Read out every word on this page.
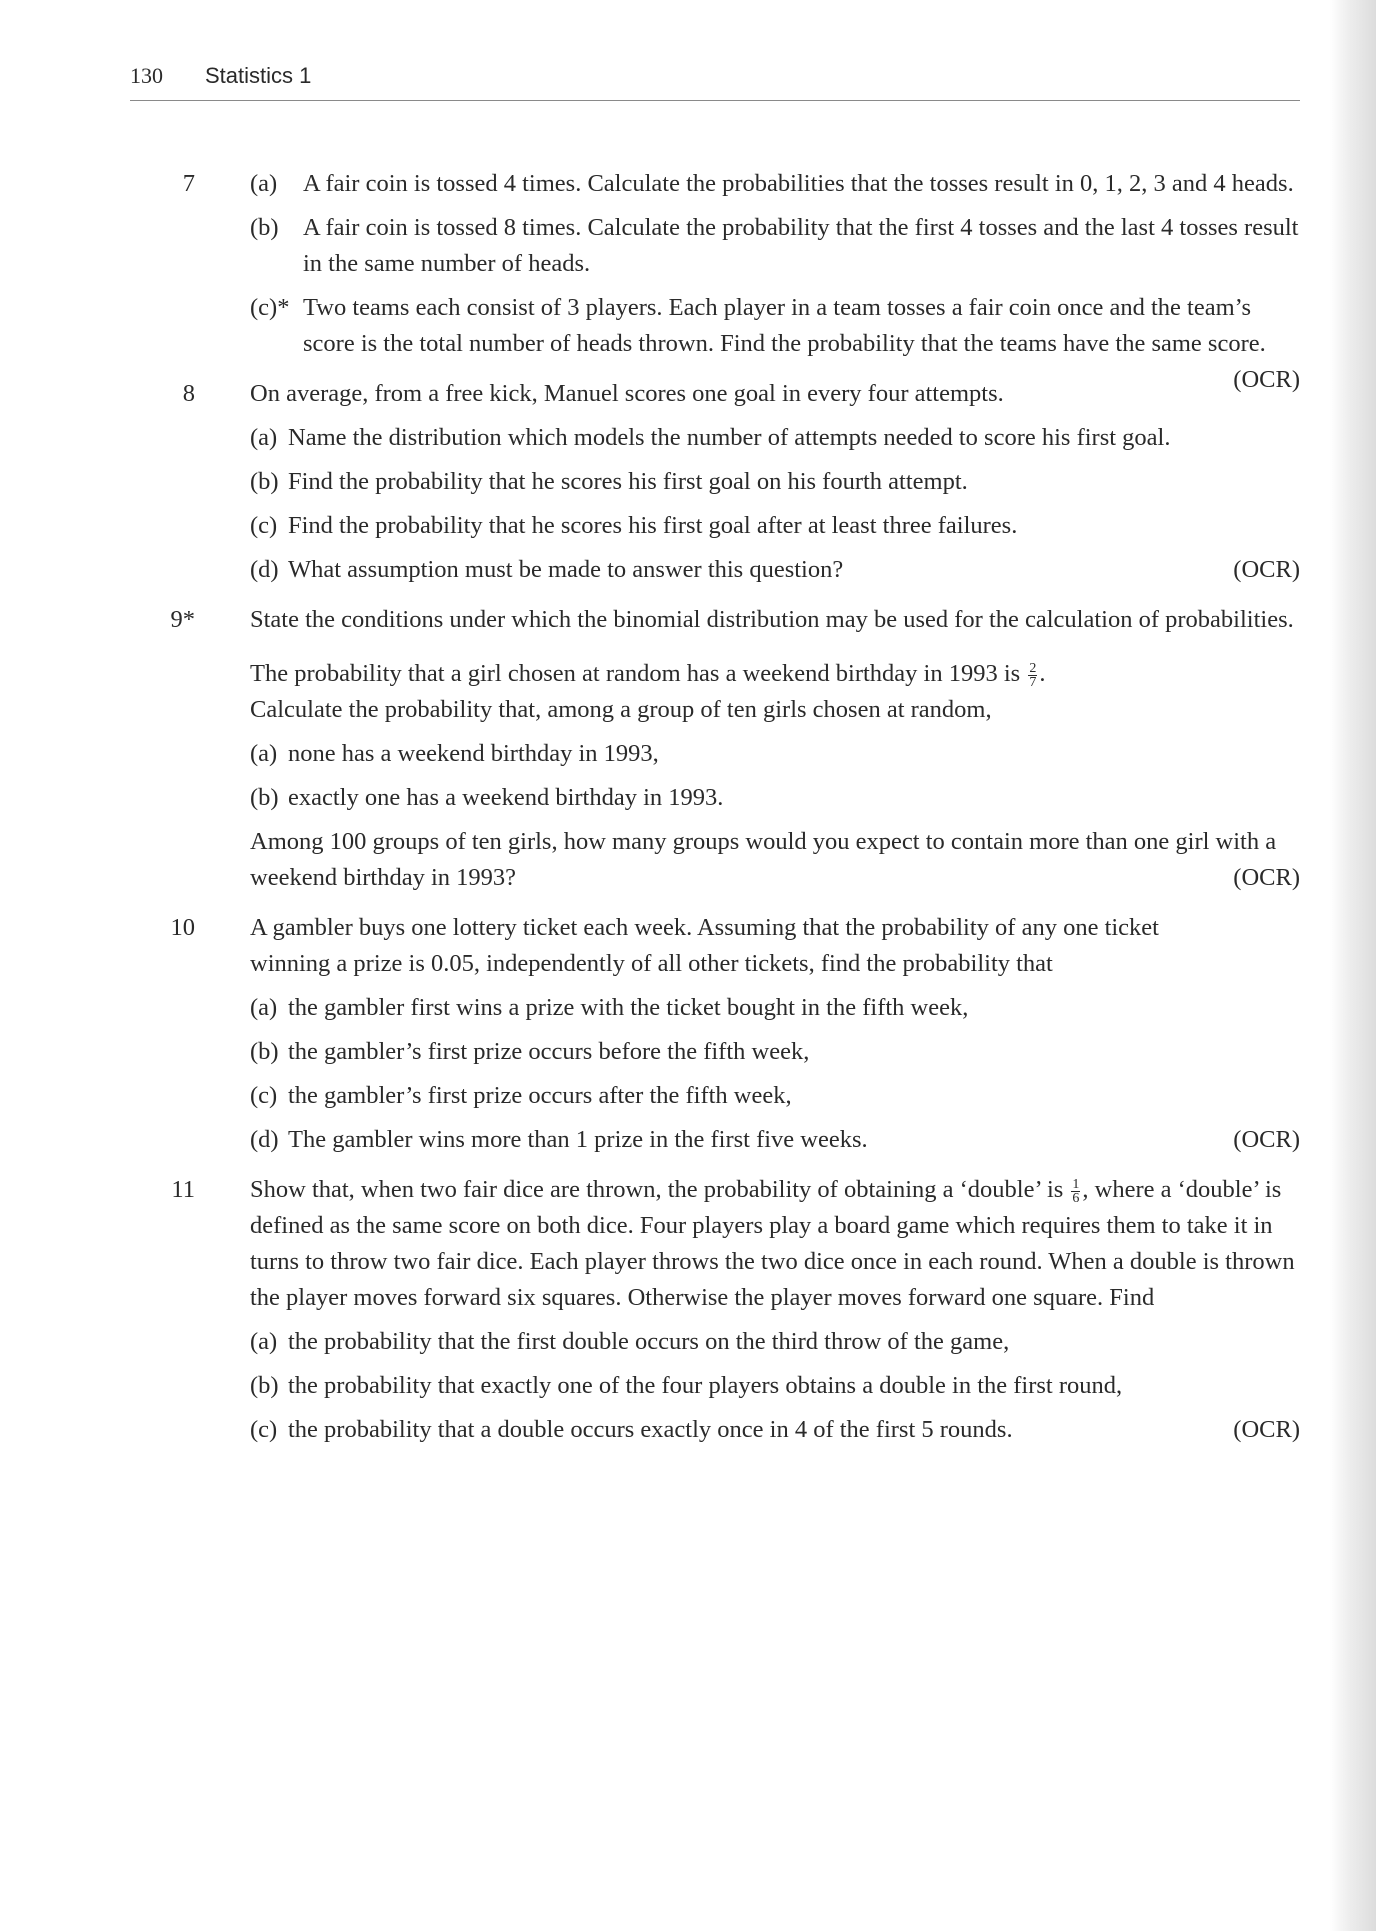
130 Statistics 1
7 (a) A fair coin is tossed 4 times. Calculate the probabilities that the tosses result in 0, 1, 2, 3 and 4 heads.
(b) A fair coin is tossed 8 times. Calculate the probability that the first 4 tosses and the last 4 tosses result in the same number of heads.
(c)* Two teams each consist of 3 players. Each player in a team tosses a fair coin once and the team’s score is the total number of heads thrown. Find the probability that the teams have the same score.
(OCR)
8	On average, from a free kick, Manuel scores one goal in every four attempts.
(a) Name the distribution which models the number of attempts needed to score his first goal.
(b) Find the probability that he scores his first goal on his fourth attempt.
(c) Find the probability that he scores his first goal after at least three failures.
(d) What assumption must be made to answer this question?	(OCR)
9*	State the conditions under which the binomial distribution may be used for the calculation of probabilities.
The probability that a girl chosen at random has a weekend birthday in 1993 is $\frac{2}{7}$ .
Calculate the probability that, among a group of ten girls chosen at random,
(a) none has a weekend birthday in 1993,
(b) exactly one has a weekend birthday in 1993.
Among 100 groups of ten girls, how many groups would you expect to contain more than one girl with a weekend birthday in 1993?	(OCR)
10	A gambler buys one lottery ticket each week. Assuming that the probability of any one ticket winning a prize is 0.05, independently of all other tickets, find the probability that
(a) the gambler first wins a prize with the ticket bought in the fifth week,
(b) the gambler’s first prize occurs before the fifth week,
(c) the gambler’s first prize occurs after the fifth week,
(d) The gambler wins more than 1 prize in the first five weeks.	(OCR)
11	Show that, when two fair dice are thrown, the probability of obtaining a ‘double’ is $\frac{1}{6}$ , where a ‘double’ is defined as the same score on both dice. Four players play a board game which requires them to take it in turns to throw two fair dice. Each player throws the two dice once in each round. When a double is thrown the player moves forward six squares. Otherwise the player moves forward one square. Find
(a) the probability that the first double occurs on the third throw of the game,
(b) the probability that exactly one of the four players obtains a double in the first round,
(c) the probability that a double occurs exactly once in 4 of the first 5 rounds.	(OCR)
